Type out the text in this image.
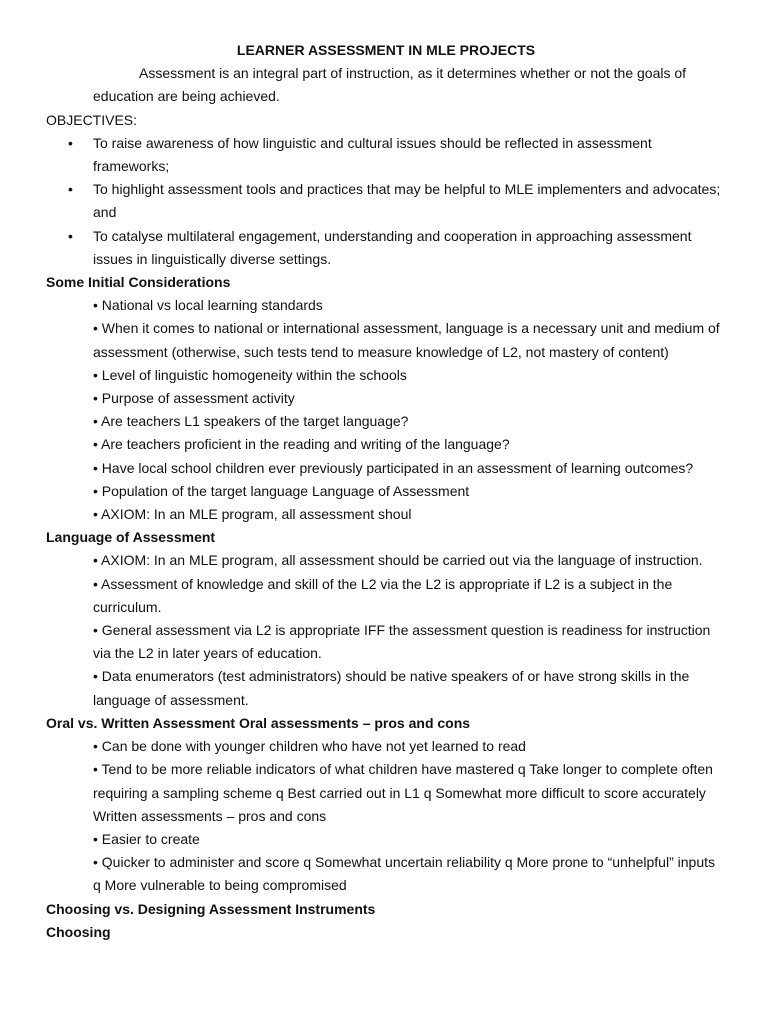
LEARNER ASSESSMENT IN MLE PROJECTS
Assessment is an integral part of instruction, as it determines whether or not the goals of education are being achieved.
OBJECTIVES:
• To raise awareness of how linguistic and cultural issues should be reflected in assessment frameworks;
• To highlight assessment tools and practices that may be helpful to MLE implementers and advocates; and
• To catalyse multilateral engagement, understanding and cooperation in approaching assessment issues in linguistically diverse settings.
Some Initial Considerations
• National vs local learning standards
• When it comes to national or international assessment, language is a necessary unit and medium of assessment (otherwise, such tests tend to measure knowledge of L2, not mastery of content)
• Level of linguistic homogeneity within the schools
• Purpose of assessment activity
• Are teachers L1 speakers of the target language?
• Are teachers proficient in the reading and writing of the language?
• Have local school children ever previously participated in an assessment of learning outcomes?
• Population of the target language Language of Assessment
• AXIOM: In an MLE program, all assessment shoul
Language of Assessment
• AXIOM: In an MLE program, all assessment should be carried out via the language of instruction.
• Assessment of knowledge and skill of the L2 via the L2 is appropriate if L2 is a subject in the curriculum.
• General assessment via L2 is appropriate IFF the assessment question is readiness for instruction via the L2 in later years of education.
• Data enumerators (test administrators) should be native speakers of or have strong skills in the language of assessment.
Oral vs. Written Assessment Oral assessments – pros and cons
• Can be done with younger children who have not yet learned to read
• Tend to be more reliable indicators of what children have mastered q Take longer to complete often requiring a sampling scheme q Best carried out in L1 q Somewhat more difficult to score accurately Written assessments – pros and cons
• Easier to create
• Quicker to administer and score q Somewhat uncertain reliability q More prone to “unhelpful” inputs q More vulnerable to being compromised
Choosing vs. Designing Assessment Instruments
Choosing
